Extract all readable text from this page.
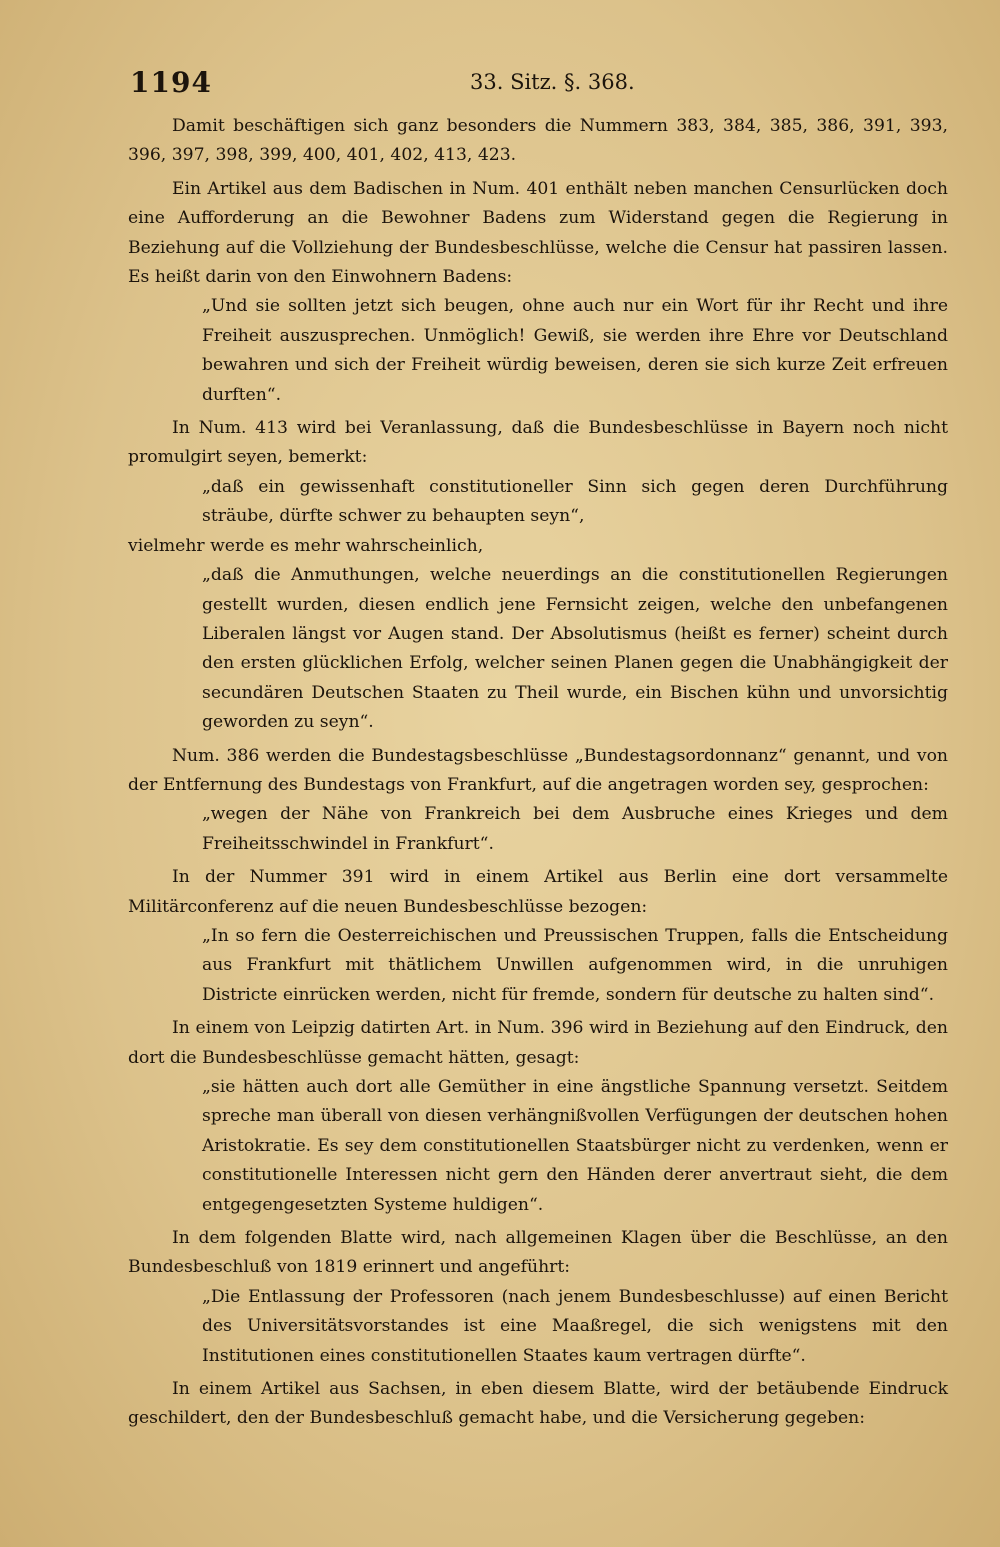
1194	33. Sitz. §. 368.

Damit beschäftigen sich ganz besonders die Nummern 383, 384, 385, 386, 391, 393, 396, 397, 398, 399, 400, 401, 402, 413, 423.

Ein Artikel aus dem Badischen in Num. 401 enthält neben manchen Censurlücken doch eine Aufforderung an die Bewohner Badens zum Widerstand gegen die Regierung in Beziehung auf die Vollziehung der Bundesbeschlüsse, welche die Censur hat passiren lassen. Es heißt darin von den Einwohnern Badens:

„Und sie sollten jetzt sich beugen, ohne auch nur ein Wort für ihr Recht und ihre Freiheit auszusprechen. Unmöglich! Gewiß, sie werden ihre Ehre vor Deutschland bewahren und sich der Freiheit würdig beweisen, deren sie sich kurze Zeit erfreuen durften“.

In Num. 413 wird bei Veranlassung, daß die Bundesbeschlüsse in Bayern noch nicht promulgirt seyen, bemerkt:

„daß ein gewissenhaft constitutioneller Sinn sich gegen deren Durchführung sträube, dürfte schwer zu behaupten seyn“,

vielmehr werde es mehr wahrscheinlich,

„daß die Anmuthungen, welche neuerdings an die constitutionellen Regierungen gestellt wurden, diesen endlich jene Fernsicht zeigen, welche den unbefangenen Liberalen längst vor Augen stand. Der Absolutismus (heißt es ferner) scheint durch den ersten glücklichen Erfolg, welcher seinen Planen gegen die Unabhängigkeit der secundären Deutschen Staaten zu Theil wurde, ein Bischen kühn und unvorsichtig geworden zu seyn“.

Num. 386 werden die Bundestagsbeschlüsse „Bundestagsordonnanz“ genannt, und von der Entfernung des Bundestags von Frankfurt, auf die angetragen worden sey, gesprochen:

„wegen der Nähe von Frankreich bei dem Ausbruche eines Krieges und dem Freiheitsschwindel in Frankfurt“.

In der Nummer 391 wird in einem Artikel aus Berlin eine dort versammelte Militärconferenz auf die neuen Bundesbeschlüsse bezogen:

„In so fern die Oesterreichischen und Preussischen Truppen, falls die Entscheidung aus Frankfurt mit thätlichem Unwillen aufgenommen wird, in die unruhigen Districte einrücken werden, nicht für fremde, sondern für deutsche zu halten sind“.

In einem von Leipzig datirten Art. in Num. 396 wird in Beziehung auf den Eindruck, den dort die Bundesbeschlüsse gemacht hätten, gesagt:

„sie hätten auch dort alle Gemüther in eine ängstliche Spannung versetzt. Seitdem spreche man überall von diesen verhängnißvollen Verfügungen der deutschen hohen Aristokratie. Es sey dem constitutionellen Staatsbürger nicht zu verdenken, wenn er constitutionelle Interessen nicht gern den Händen derer anvertraut sieht, die dem entgegengesetzten Systeme huldigen“.

In dem folgenden Blatte wird, nach allgemeinen Klagen über die Beschlüsse, an den Bundesbeschluß von 1819 erinnert und angeführt:

„Die Entlassung der Professoren (nach jenem Bundesbeschlusse) auf einen Bericht des Universitätsvorstandes ist eine Maaßregel, die sich wenigstens mit den Institutionen eines constitutionellen Staates kaum vertragen dürfte“.

In einem Artikel aus Sachsen, in eben diesem Blatte, wird der betäubende Eindruck geschildert, den der Bundesbeschluß gemacht habe, und die Versicherung gegeben:
